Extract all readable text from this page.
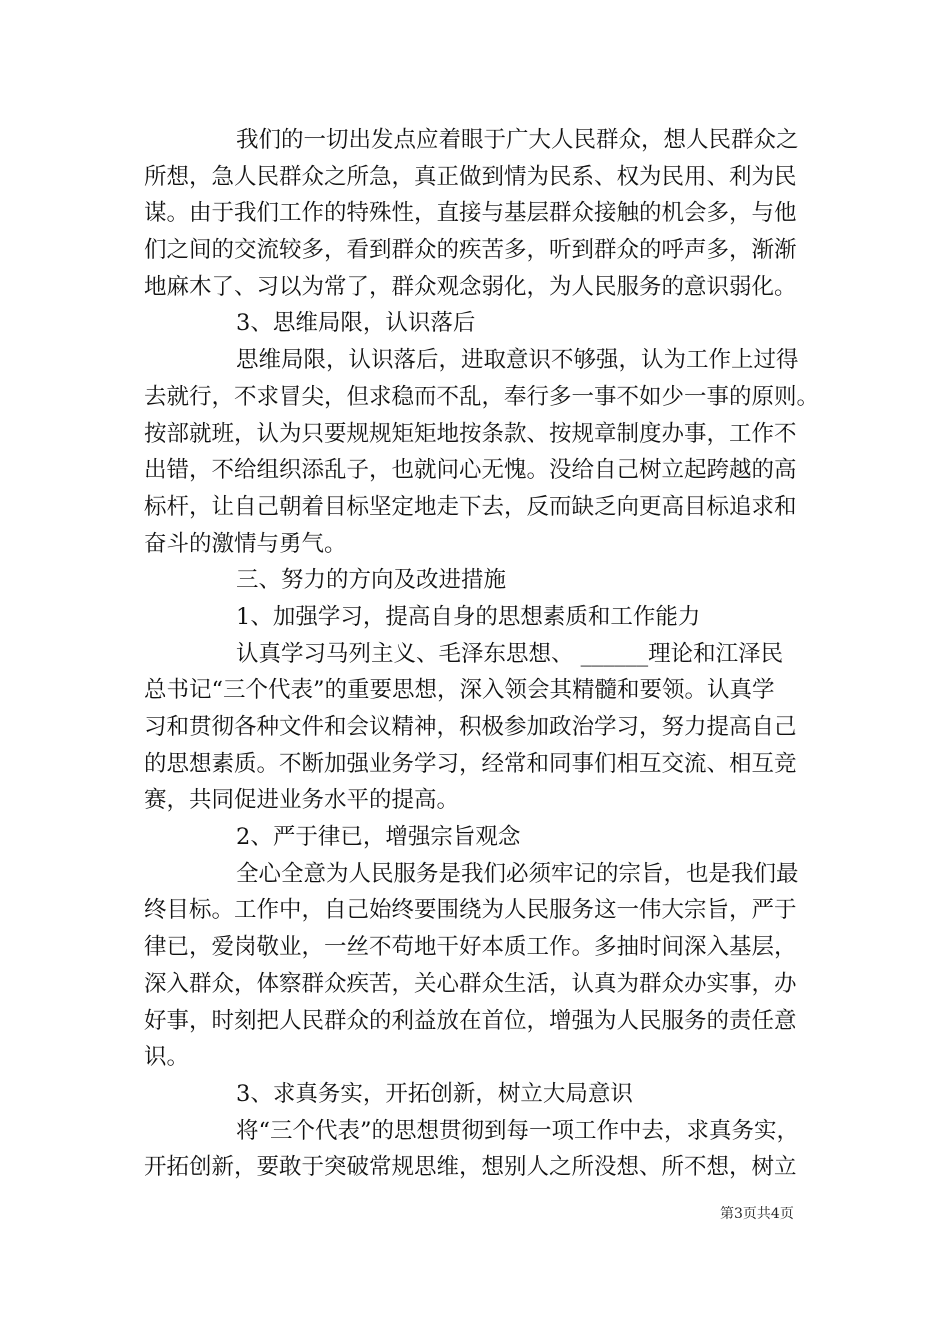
我们的一切出发点应着眼于广大人民群众，想人民群众之
所想，急人民群众之所急，真正做到情为民系、权为民用、利为民
谋。由于我们工作的特殊性，直接与基层群众接触的机会多，与他
们之间的交流较多，看到群众的疾苦多，听到群众的呼声多，渐渐
地麻木了、习以为常了，群众观念弱化，为人民服务的意识弱化。
3、思维局限，认识落后
思维局限，认识落后，进取意识不够强，认为工作上过得
去就行，不求冒尖，但求稳而不乱，奉行多一事不如少一事的原则。
按部就班，认为只要规规矩矩地按条款、按规章制度办事，工作不
出错，不给组织添乱子，也就问心无愧。没给自己树立起跨越的高
标杆，让自己朝着目标坚定地走下去，反而缺乏向更高目标追求和
奋斗的激情与勇气。
三、努力的方向及改进措施
1、加强学习，提高自身的思想素质和工作能力
认真学习马列主义、毛泽东思想、 ______理论和江泽民
总书记“三个代表”的重要思想，深入领会其精髓和要领。认真学
习和贯彻各种文件和会议精神，积极参加政治学习，努力提高自己
的思想素质。不断加强业务学习，经常和同事们相互交流、相互竞
赛，共同促进业务水平的提高。
2、严于律已，增强宗旨观念
全心全意为人民服务是我们必须牢记的宗旨，也是我们最
终目标。工作中，自己始终要围绕为人民服务这一伟大宗旨，严于
律已，爱岗敬业，一丝不苟地干好本质工作。多抽时间深入基层，
深入群众，体察群众疾苦，关心群众生活，认真为群众办实事，办
好事，时刻把人民群众的利益放在首位，增强为人民服务的责任意
识。
3、求真务实，开拓创新，树立大局意识
将“三个代表”的思想贯彻到每一项工作中去，求真务实，
开拓创新，要敢于突破常规思维，想别人之所没想、所不想，树立
第3页共4页
